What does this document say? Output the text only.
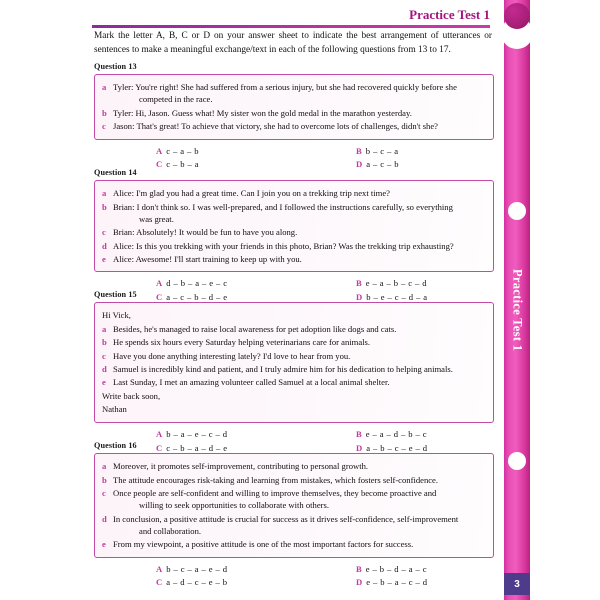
Practice Test 1
Mark the letter A, B, C or D on your answer sheet to indicate the best arrangement of utterances or sentences to make a meaningful exchange/text in each of the following questions from 13 to 17.
Practice Test 1
3
Question 13
a Tyler: You're right! She had suffered from a serious injury, but she had recovered quickly before she
competed in the race.
b Tyler: Hi, Jason. Guess what! My sister won the gold medal in the marathon yesterday.
c Jason: That's great! To achieve that victory, she had to overcome lots of challenges, didn't she?
A c – a – b	B b – c – a
C c – b – a	D a – c – b
Question 14
a Alice: I'm glad you had a great time. Can I join you on a trekking trip next time?
b Brian: I don't think so. I was well-prepared, and I followed the instructions carefully, so everything
was great.
c Brian: Absolutely! It would be fun to have you along.
d Alice: Is this you trekking with your friends in this photo, Brian? Was the trekking trip exhausting?
e Alice: Awesome! I'll start training to keep up with you.
A d – b – a – e – c	B e – a – b – c – d
C a – c – b – d – e	D b – e – c – d – a
Question 15
Hi Vick,
a Besides, he's managed to raise local awareness for pet adoption like dogs and cats.
b He spends six hours every Saturday helping veterinarians care for animals.
c Have you done anything interesting lately? I'd love to hear from you.
d Samuel is incredibly kind and patient, and I truly admire him for his dedication to helping animals.
e Last Sunday, I met an amazing volunteer called Samuel at a local animal shelter.
Write back soon,
Nathan
A b – a – e – c – d	B e – a – d – b – c
C c – b – a – d – e	D a – b – c – e – d
Question 16
a Moreover, it promotes self-improvement, contributing to personal growth.
b The attitude encourages risk-taking and learning from mistakes, which fosters self-confidence.
c Once people are self-confident and willing to improve themselves, they become proactive and
willing to seek opportunities to collaborate with others.
d In conclusion, a positive attitude is crucial for success as it drives self-confidence, self-improvement
and collaboration.
e From my viewpoint, a positive attitude is one of the most important factors for success.
A b – c – a – e – d	B e – b – d – a – c
C a – d – c – e – b	D e – b – a – c – d
